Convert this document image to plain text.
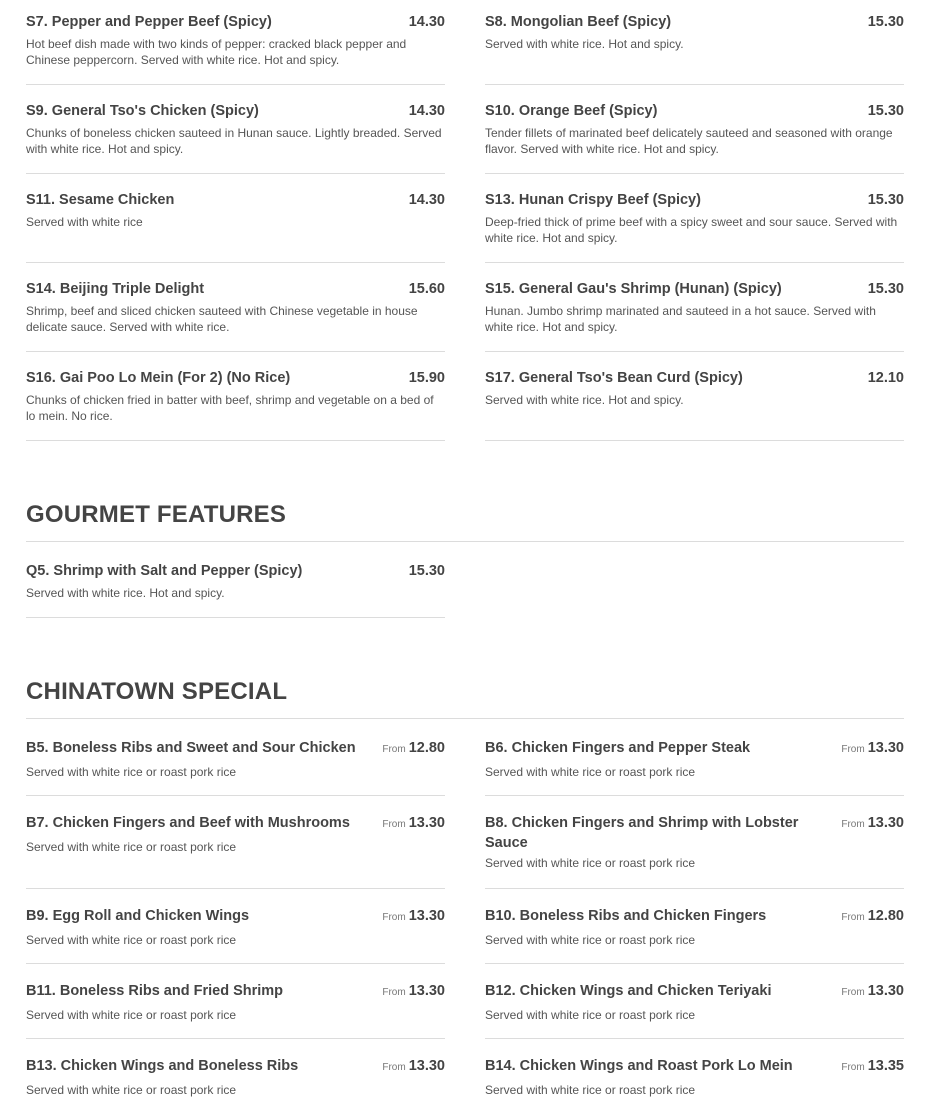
S7. Pepper and Pepper Beef (Spicy)	14.30
Hot beef dish made with two kinds of pepper: cracked black pepper and Chinese peppercorn. Served with white rice. Hot and spicy.
S8. Mongolian Beef (Spicy)	15.30
Served with white rice. Hot and spicy.
S9. General Tso's Chicken (Spicy)	14.30
Chunks of boneless chicken sauteed in Hunan sauce. Lightly breaded. Served with white rice. Hot and spicy.
S10. Orange Beef (Spicy)	15.30
Tender fillets of marinated beef delicately sauteed and seasoned with orange flavor. Served with white rice. Hot and spicy.
S11. Sesame Chicken	14.30
Served with white rice
S13. Hunan Crispy Beef (Spicy)	15.30
Deep-fried thick of prime beef with a spicy sweet and sour sauce. Served with white rice. Hot and spicy.
S14. Beijing Triple Delight	15.60
Shrimp, beef and sliced chicken sauteed with Chinese vegetable in house delicate sauce. Served with white rice.
S15. General Gau's Shrimp (Hunan) (Spicy)	15.30
Hunan. Jumbo shrimp marinated and sauteed in a hot sauce. Served with white rice. Hot and spicy.
S16. Gai Poo Lo Mein (For 2) (No Rice)	15.90
Chunks of chicken fried in batter with beef, shrimp and vegetable on a bed of lo mein. No rice.
S17. General Tso's Bean Curd (Spicy)	12.10
Served with white rice. Hot and spicy.
GOURMET FEATURES
Q5. Shrimp with Salt and Pepper (Spicy)	15.30
Served with white rice. Hot and spicy.
CHINATOWN SPECIAL
B5. Boneless Ribs and Sweet and Sour Chicken	From 12.80
Served with white rice or roast pork rice
B6. Chicken Fingers and Pepper Steak	From 13.30
Served with white rice or roast pork rice
B7. Chicken Fingers and Beef with Mushrooms	From 13.30
Served with white rice or roast pork rice
B8. Chicken Fingers and Shrimp with Lobster Sauce
From 13.30
Served with white rice or roast pork rice
B9. Egg Roll and Chicken Wings	From 13.30
Served with white rice or roast pork rice
B10. Boneless Ribs and Chicken Fingers	From 12.80
Served with white rice or roast pork rice
B11. Boneless Ribs and Fried Shrimp	From 13.30
Served with white rice or roast pork rice
B12. Chicken Wings and Chicken Teriyaki	From 13.30
Served with white rice or roast pork rice
B13. Chicken Wings and Boneless Ribs	From 13.30
Served with white rice or roast pork rice
B14. Chicken Wings and Roast Pork Lo Mein	From 13.35
Served with white rice or roast pork rice
